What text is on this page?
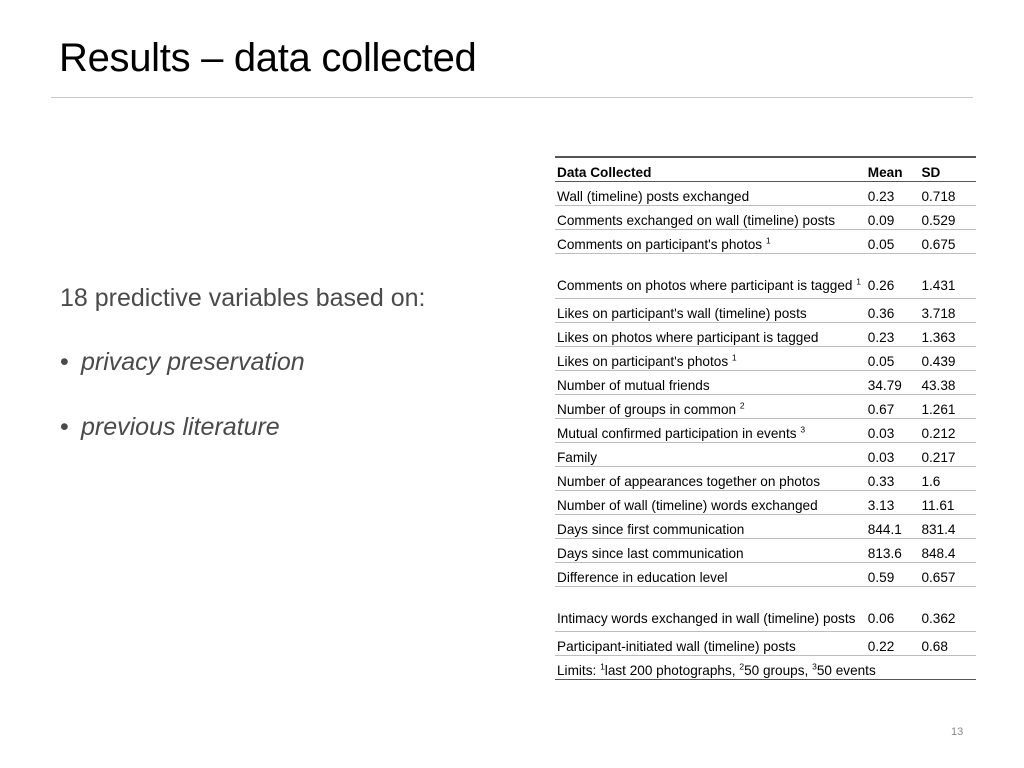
Results – data collected
18 predictive variables based on:
• privacy preservation
• previous literature
Data Collected	Mean	SD
Wall (timeline) posts exchanged	0.23	0.718
Comments exchanged on wall (timeline) posts	0.09	0.529
Comments on participant's photos $^1$	0.05	0.675
Comments on photos where participant is tagged $^1$	0.26	1.431
Likes on participant's wall (timeline) posts	0.36	3.718
Likes on photos where participant is tagged	0.23	1.363
Likes on participant's photos $^1$	0.05	0.439
Number of mutual friends	34.79	43.38
Number of groups in common $^2$	0.67	1.261
Mutual confirmed participation in events $^3$	0.03	0.212
Family	0.03	0.217
Number of appearances together on photos	0.33	1.6
Number of wall (timeline) words exchanged	3.13	11.61
Days since first communication	844.1	831.4
Days since last communication	813.6	848.4
Difference in education level	0.59	0.657
Intimacy words exchanged in wall (timeline) posts	0.06	0.362
Participant-initiated wall (timeline) posts	0.22	0.68
Limits: $^1$last 200 photographs, $^2$50 groups, $^3$50 events		
13
